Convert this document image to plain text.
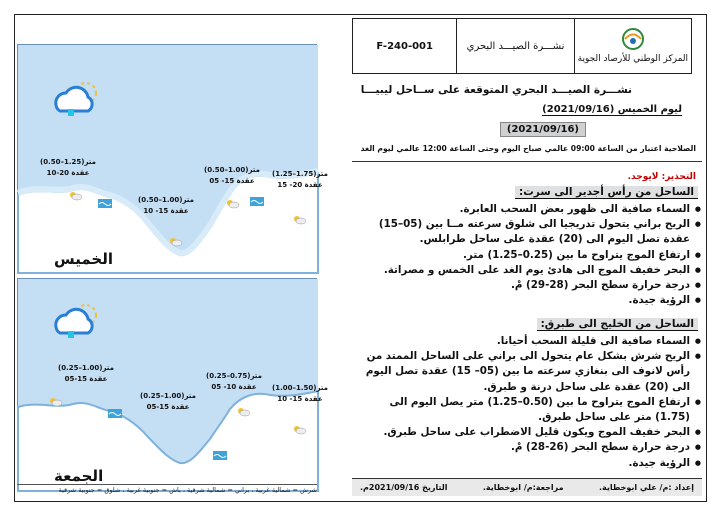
(0.50–1.25)متر
10-20 عقدة
(0.50–1.00)متر
10 -15 عقدة
(0.50–1.00)متر
05 -15 عقدة
(1.25–1.75)متر
15 -20 عقدة
الخميس
(0.25–1.00)متر
05-15 عقدة
(0.25–1.00)متر
05-15 عقدة
(0.25–0.75)متر
05 -10 عقدة	(1.00–1.50)متر
10 -15 عقدة
الجمعة
شرش = شمالية غربية ، براني = شمالية شرقية ، باش = جنوبية غربية ، شلوق = جنوبية شرقية
المركز الوطني للأرصاد الجوية
نشـــرة الصيـــد البحري
F-240-001
نشـــرة الصيـــد البحري المتوقعة على ســاحل ليبيـــا
ليوم الخميس (2021/09/16)
(2021/09/16)
الصلاحية اعتبار من الساعة 09:00 عالمي صباح اليوم وحتى الساعة 12:00 عالمي ليوم الغد
التحذير: لايوجد.
الساحل من رأس أجدير الى سرت:
● السماء صافية الى ظهور بعض السحب العابرة.
● الريح براني يتحول تدريجيا الى شلوق سرعته مــا بين (05–15) عقدة تصل اليوم الى (20) عقدة على ساحل طرابلس.
● ارتفاع الموج يتراوح ما بين (0.25–1.25) متر.
● البحر خفيف الموج الى هادئ يوم الغد على الخمس و مصراتة.
● درجة حرارة سطح البحر (28-29) مْ.
● الرؤية جيدة.
الساحل من الخليج الى طبرق:
● السماء صافية الى قليلة السحب أحيانا.
● الريح شرش بشكل عام يتحول الى براني على الساحل الممتد من رأس لانوف الى بنغازي سرعته ما بين (05– 15) عقدة تصل اليوم الى (20) عقدة على ساحل درنة و طبرق.
● ارتفاع الموج يتراوح ما بين (0.50–1.25) متر يصل اليوم الى (1.75) متر على ساحل طبرق.
● البحر خفيف الموج ويكون قليل الاضطراب على ساحل طبرق.
● درجة حرارة سطح البحر (26-28) مْ.
● الرؤية جيدة.
إعداد :م/ علي ابوخطاية.
مراجعة:م/ ابوخطاية.
التاريخ 2021/09/16م.
